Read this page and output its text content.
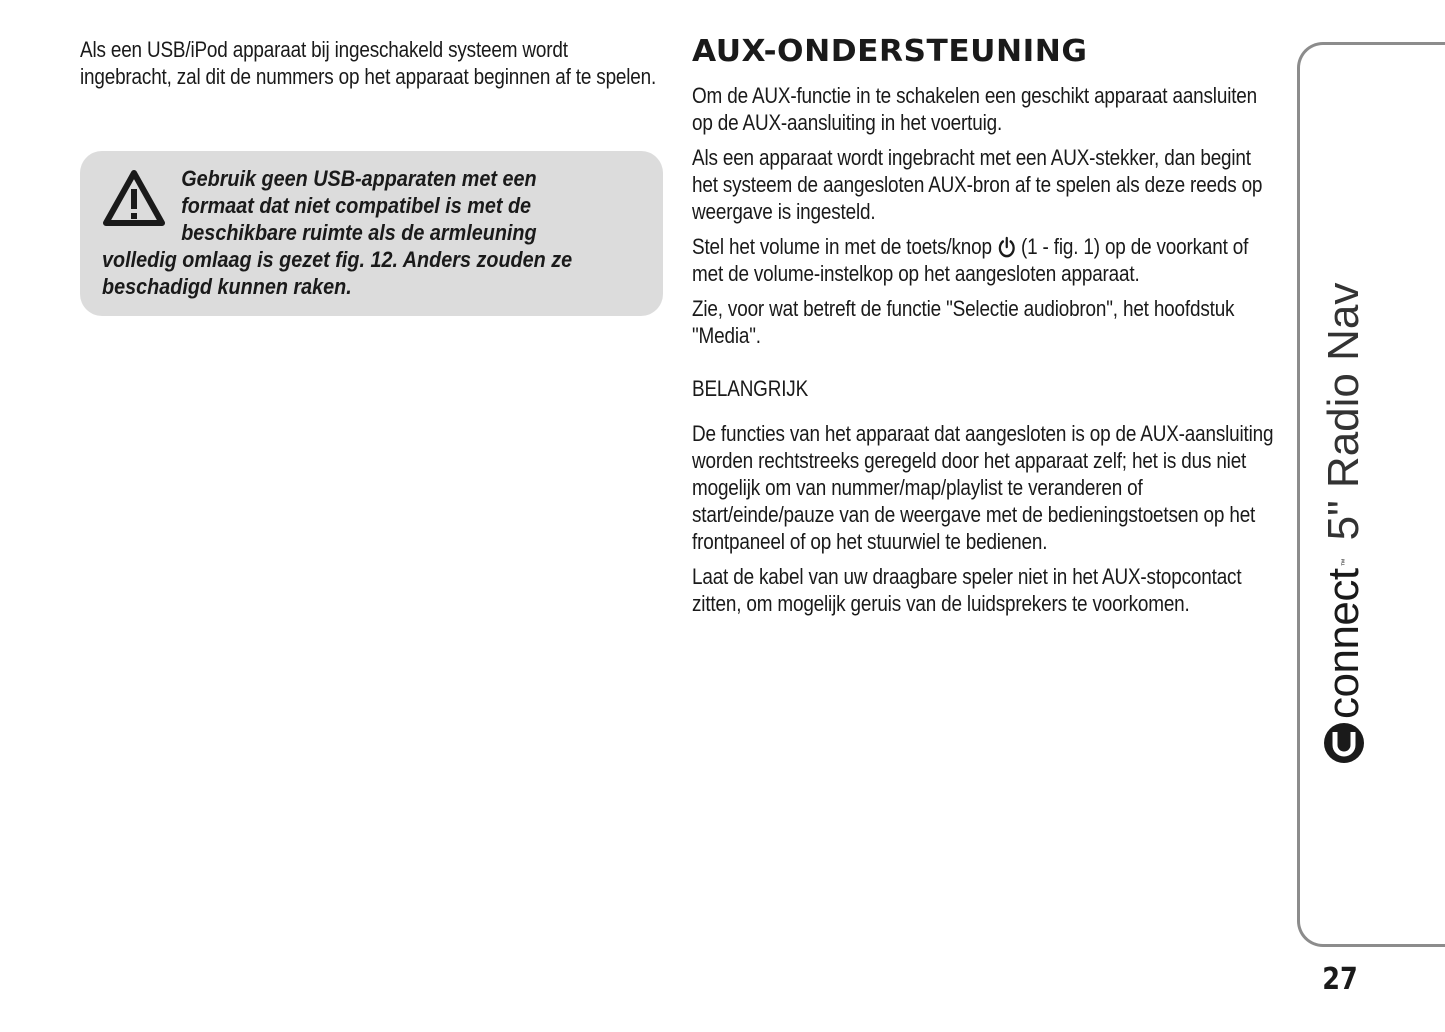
Als een USB/iPod apparaat bij ingeschakeld systeem wordt ingebracht, zal dit de nummers op het apparaat beginnen af te spelen.

Gebruik geen USB-apparaten met een
formaat dat niet compatibel is met de
beschikbare ruimte als de armleuning
volledig omlaag is gezet fig. 12. Anders zouden ze
beschadigd kunnen raken.
AUX-ONDERSTEUNING

Om de AUX-functie in te schakelen een geschikt apparaat aansluiten op de AUX-aansluiting in het voertuig.

Als een apparaat wordt ingebracht met een AUX-stekker, dan begint het systeem de aangesloten AUX-bron af te spelen als deze reeds op weergave is ingesteld.

Stel het volume in met de toets/knop (1 - fig. 1) op de voorkant of met de volume-instelkop op het aangesloten apparaat.

Zie, voor wat betreft de functie "Selectie audiobron", het hoofdstuk "Media".

BELANGRIJK

De functies van het apparaat dat aangesloten is op de AUX-aansluiting worden rechtstreeks geregeld door het apparaat zelf; het is dus niet mogelijk om van nummer/map/playlist te veranderen of start/einde/pauze van de weergave met de bedieningstoetsen op het frontpaneel of op het stuurwiel te bedienen.

Laat de kabel van uw draagbare speler niet in het AUX-stopcontact zitten, om mogelijk geruis van de luidsprekers te voorkomen.	connect
™
5" Radio Nav
27
